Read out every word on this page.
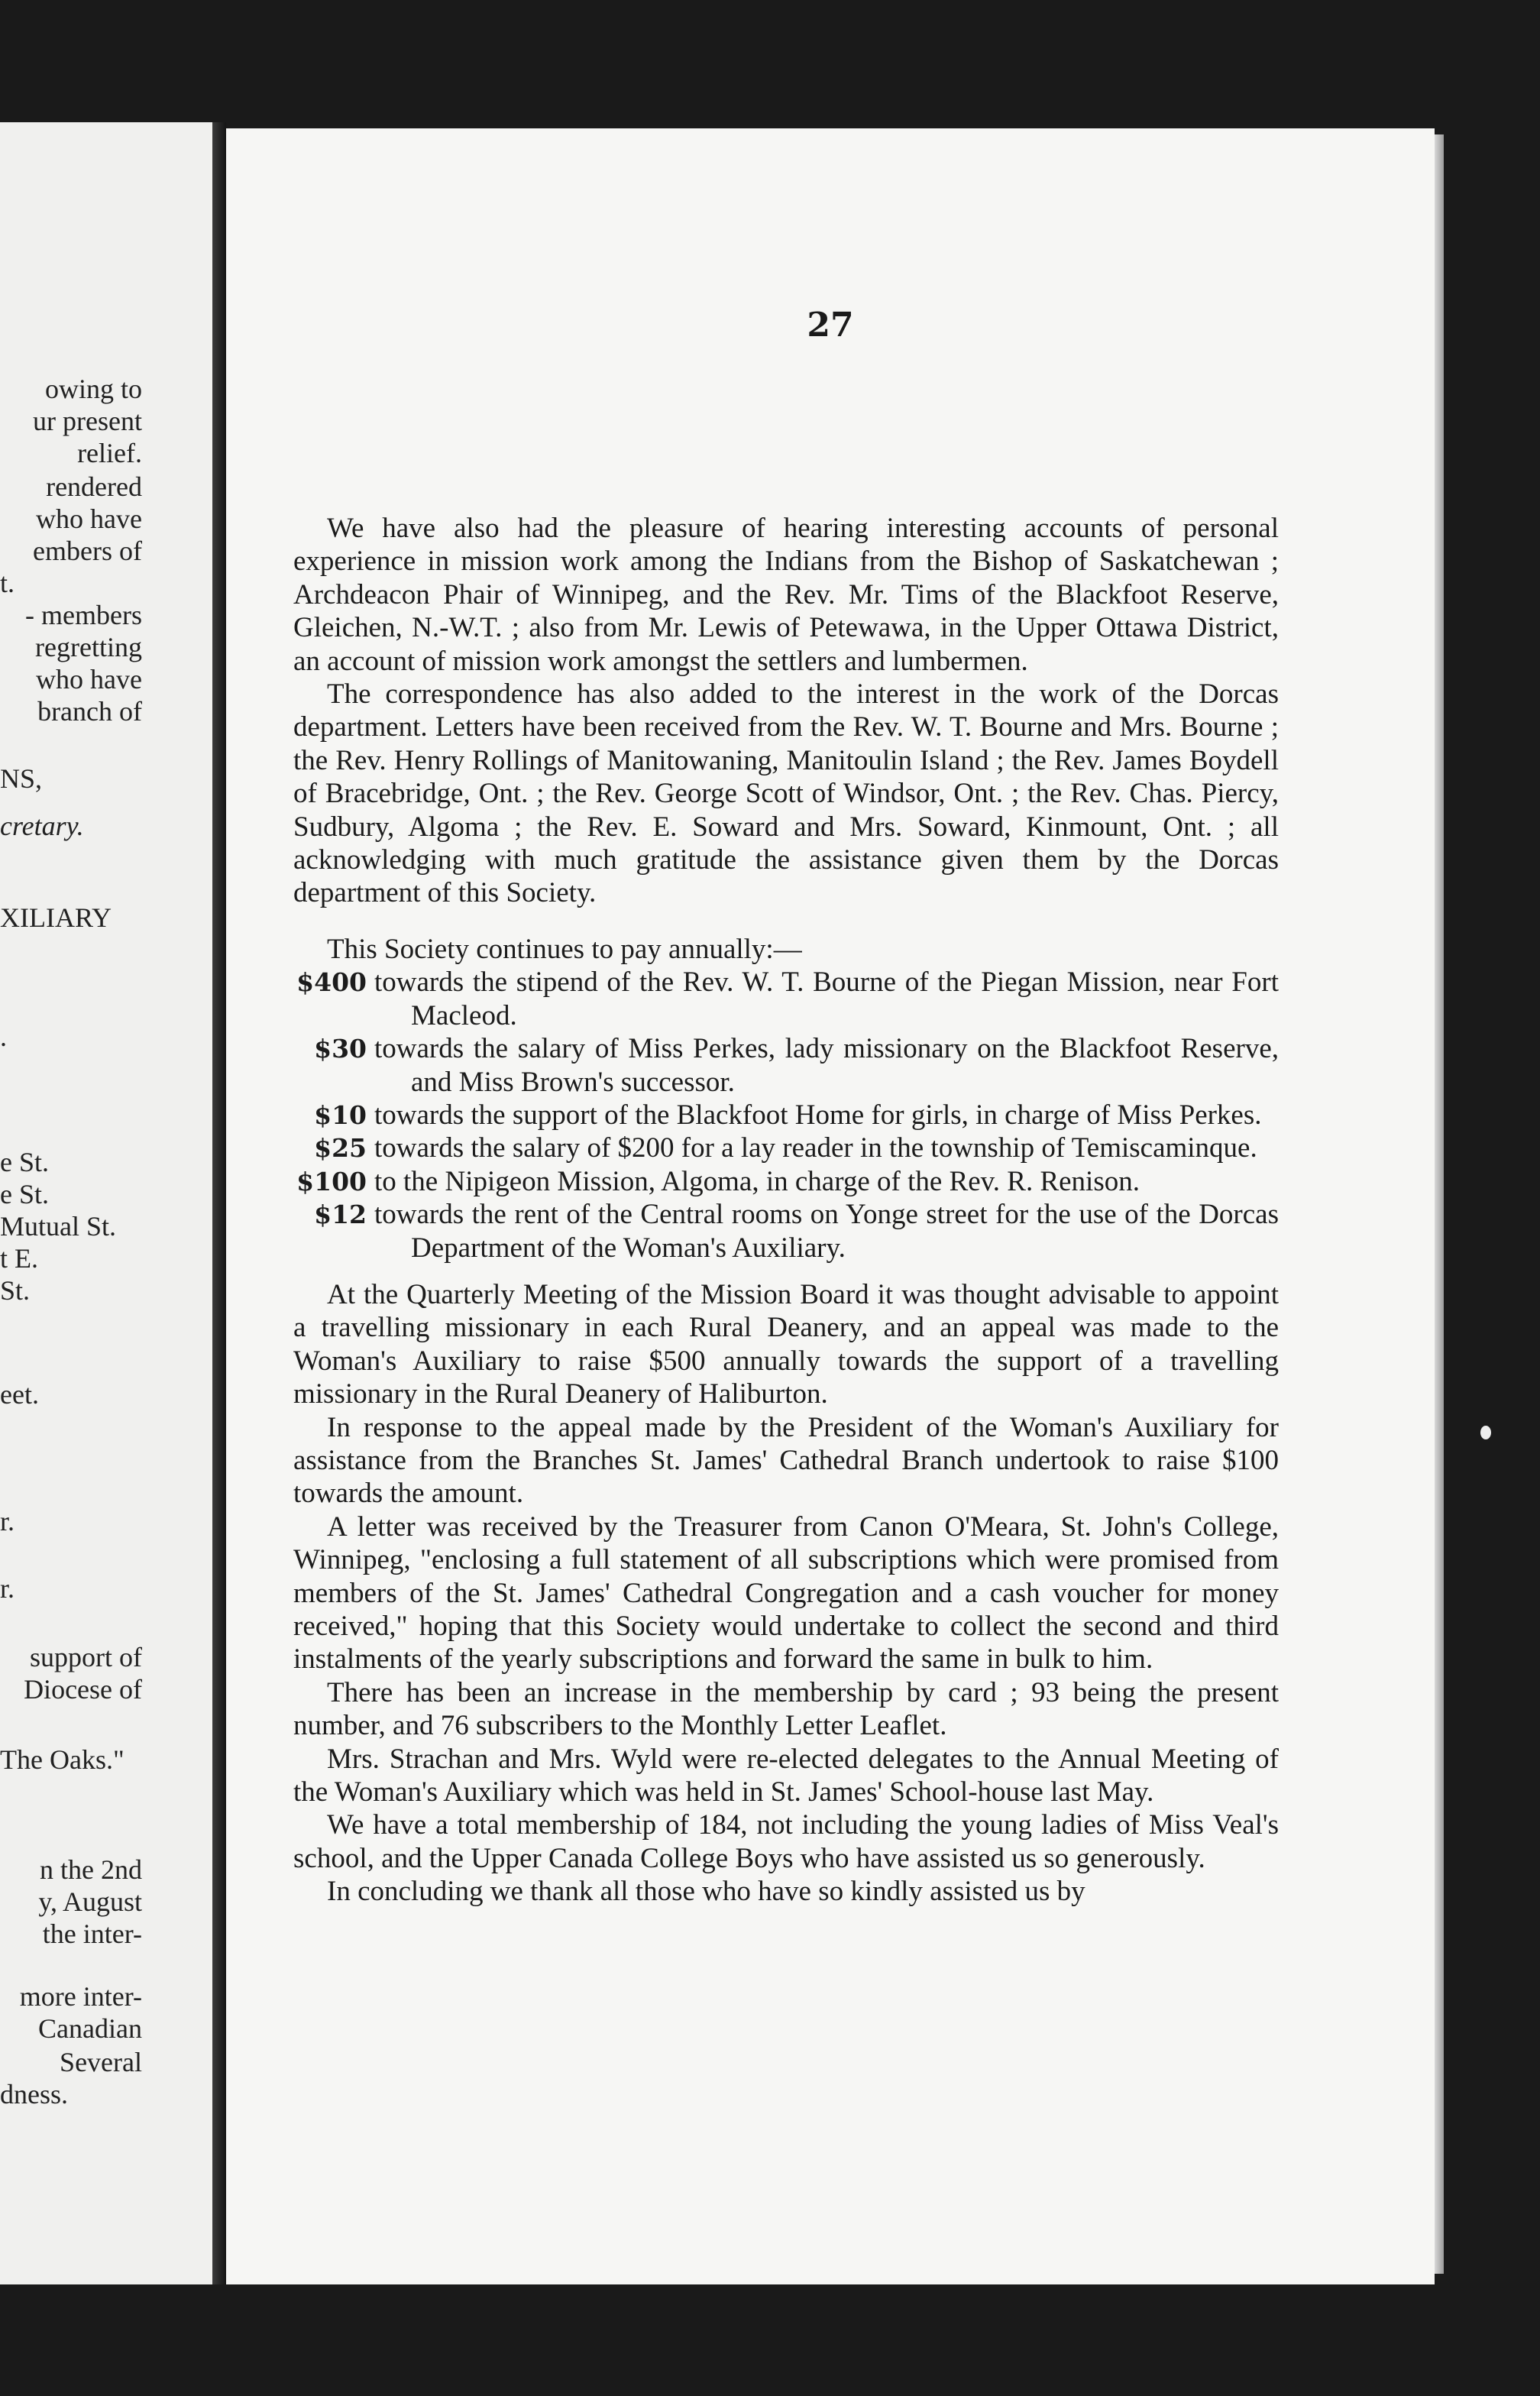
owing to
ur present
relief.
rendered
who have
embers of
t.
- members
regretting
who have
branch of
NS,
cretary.
XILIARY
.
e St.
e St.
Mutual St.
t E.
St.
eet.
r.
r.
support of
Diocese of
The Oaks."
n the 2nd
y, August
the inter-
more inter-
Canadian
Several
dness.
27

We have also had the pleasure of hearing interesting accounts of personal experience in mission work among the Indians from the Bishop of Saskatchewan ; Archdeacon Phair of Winnipeg, and the Rev. Mr. Tims of the Blackfoot Reserve, Gleichen, N.-W.T. ; also from Mr. Lewis of Petewawa, in the Upper Ottawa District, an account of mission work amongst the settlers and lumbermen.

The correspondence has also added to the interest in the work of the Dorcas department. Letters have been received from the Rev. W. T. Bourne and Mrs. Bourne ; the Rev. Henry Rollings of Manitowaning, Manitoulin Island ; the Rev. James Boydell of Bracebridge, Ont. ; the Rev. George Scott of Windsor, Ont. ; the Rev. Chas. Piercy, Sudbury, Algoma ; the Rev. E. Soward and Mrs. Soward, Kinmount, Ont. ; all acknowledging with much gratitude the assistance given them by the Dorcas department of this Society.

This Society continues to pay annually:—

$400 towards the stipend of the Rev. W. T. Bourne of the Piegan Mission, near Fort Macleod.
$30 towards the salary of Miss Perkes, lady missionary on the Blackfoot Reserve, and Miss Brown's successor.
$10 towards the support of the Blackfoot Home for girls, in charge of Miss Perkes.
$25 towards the salary of $200 for a lay reader in the township of Temiscaminque.
$100 to the Nipigeon Mission, Algoma, in charge of the Rev. R. Renison.
$12 towards the rent of the Central rooms on Yonge street for the use of the Dorcas Department of the Woman's Auxiliary.

At the Quarterly Meeting of the Mission Board it was thought advisable to appoint a travelling missionary in each Rural Deanery, and an appeal was made to the Woman's Auxiliary to raise $500 annually towards the support of a travelling missionary in the Rural Deanery of Haliburton.

In response to the appeal made by the President of the Woman's Auxiliary for assistance from the Branches St. James' Cathedral Branch undertook to raise $100 towards the amount.

A letter was received by the Treasurer from Canon O'Meara, St. John's College, Winnipeg, "enclosing a full statement of all subscriptions which were promised from members of the St. James' Cathedral Congregation and a cash voucher for money received," hoping that this Society would undertake to collect the second and third instalments of the yearly subscriptions and forward the same in bulk to him.

There has been an increase in the membership by card ; 93 being the present number, and 76 subscribers to the Monthly Letter Leaflet.

Mrs. Strachan and Mrs. Wyld were re-elected delegates to the Annual Meeting of the Woman's Auxiliary which was held in St. James' School-house last May.

We have a total membership of 184, not including the young ladies of Miss Veal's school, and the Upper Canada College Boys who have assisted us so generously.

In concluding we thank all those who have so kindly assisted us by
